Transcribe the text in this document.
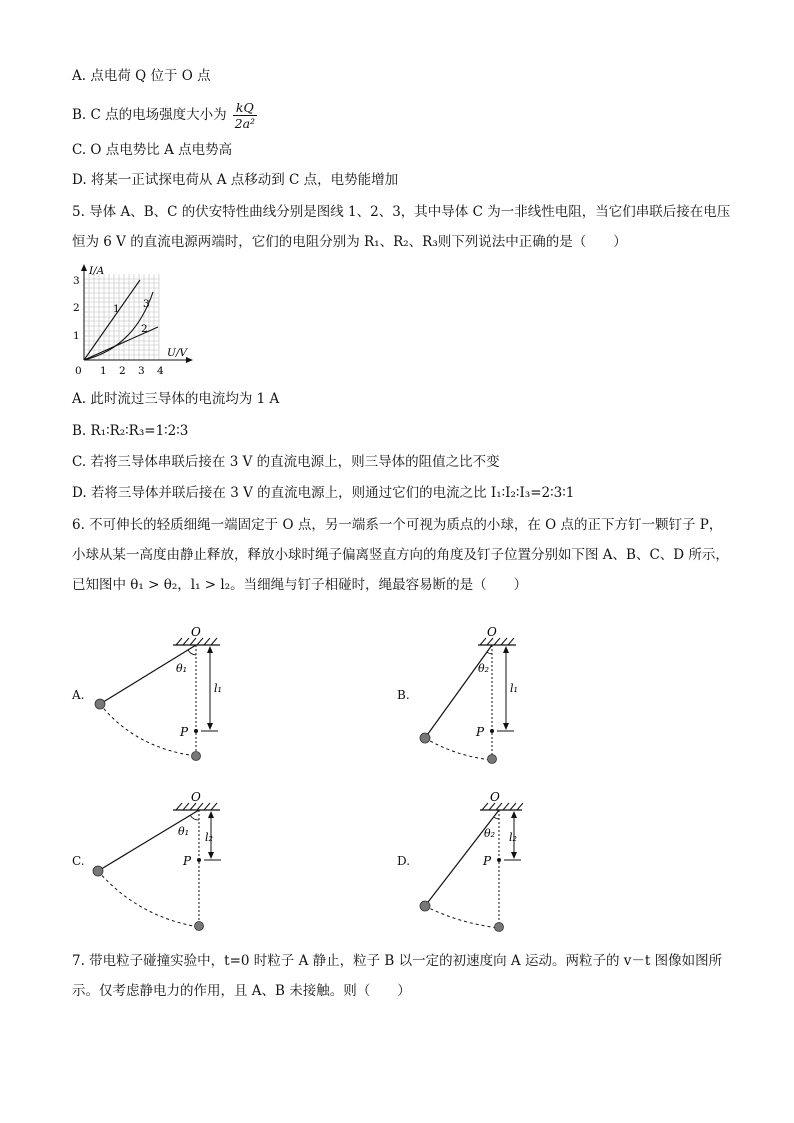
A. 点电荷 Q 位于 O 点
B. C 点的电场强度大小为 $\frac{kQ}{\text{2a²}}$
C. O 点电势比 A 点电势高
D. 将某一正试探电荷从 A 点移动到 C 点，电势能增加
5. 导体 A、B、C 的伏安特性曲线分别是图线 1、2、3，其中导体 C 为一非线性电阻，当它们串联后接在电压恒为 6 V 的直流电源两端时，它们的电阻分别为 R₁、R₂、R₃则下列说法中正确的是（　　）
I/A
U/V
0 1 2 3 4
1
2
3
1 3
2
A. 此时流过三导体的电流均为 1 A
B. R₁∶R₂∶R₃=1∶2∶3
C. 若将三导体串联后接在 3 V 的直流电源上，则三导体的阻值之比不变
D. 若将三导体并联后接在 3 V 的直流电源上，则通过它们的电流之比 I₁∶I₂∶I₃=2∶3∶1
6. 不可伸长的轻质细绳一端固定于 O 点，另一端系一个可视为质点的小球，在 O 点的正下方钉一颗钉子 P，小球从某一高度由静止释放，释放小球时绳子偏离竖直方向的角度及钉子位置分别如下图 A、B、C、D 所示，已知图中 θ₁ > θ₂，l₁ > l₂。当细绳与钉子相碰时，绳最容易断的是（　　）
A.
O
θ₁
P
l₁	B.
O
θ₂
P
l₁
C.
O
θ₁
P
l₂
D.
O
θ₂
P
l₂
7. 带电粒子碰撞实验中，t=0 时粒子 A 静止，粒子 B 以一定的初速度向 A 运动。两粒子的 v－t 图像如图所示。仅考虑静电力的作用，且 A、B 未接触。则（　　）
